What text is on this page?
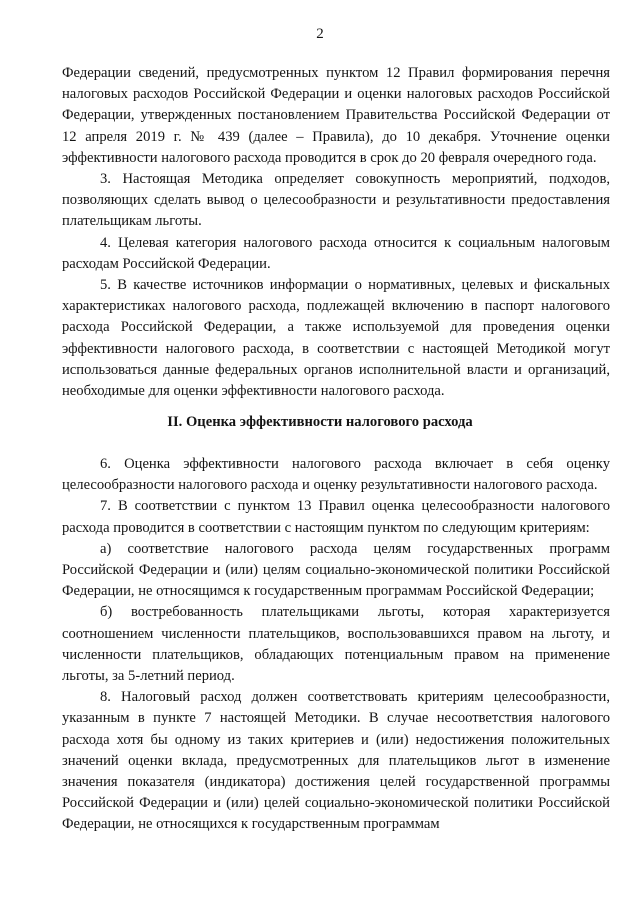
2

Федерации сведений, предусмотренных пунктом 12 Правил формирования перечня налоговых расходов Российской Федерации и оценки налоговых расходов Российской Федерации, утвержденных постановлением Правительства Российской Федерации от 12 апреля 2019 г. № 439 (далее – Правила), до 10 декабря. Уточнение оценки эффективности налогового расхода проводится в срок до 20 февраля очередного года.

3. Настоящая Методика определяет совокупность мероприятий, подходов, позволяющих сделать вывод о целесообразности и результативности предоставления плательщикам льготы.

4. Целевая категория налогового расхода относится к социальным налоговым расходам Российской Федерации.

5. В качестве источников информации о нормативных, целевых и фискальных характеристиках налогового расхода, подлежащей включению в паспорт налогового расхода Российской Федерации, а также используемой для проведения оценки эффективности налогового расхода, в соответствии с настоящей Методикой могут использоваться данные федеральных органов исполнительной власти и организаций, необходимые для оценки эффективности налогового расхода.

II. Оценка эффективности налогового расхода

6. Оценка эффективности налогового расхода включает в себя оценку целесообразности налогового расхода и оценку результативности налогового расхода.

7. В соответствии с пунктом 13 Правил оценка целесообразности налогового расхода проводится в соответствии с настоящим пунктом по следующим критериям:

а) соответствие налогового расхода целям государственных программ Российской Федерации и (или) целям социально-экономической политики Российской Федерации, не относящимся к государственным программам Российской Федерации;

б) востребованность плательщиками льготы, которая характеризуется соотношением численности плательщиков, воспользовавшихся правом на льготу, и численности плательщиков, обладающих потенциальным правом на применение льготы, за 5-летний период.

8. Налоговый расход должен соответствовать критериям целесообразности, указанным в пункте 7 настоящей Методики. В случае несоответствия налогового расхода хотя бы одному из таких критериев и (или) недостижения положительных значений оценки вклада, предусмотренных для плательщиков льгот в изменение значения показателя (индикатора) достижения целей государственной программы Российской Федерации и (или) целей социально-экономической политики Российской Федерации, не относящихся к государственным программам
